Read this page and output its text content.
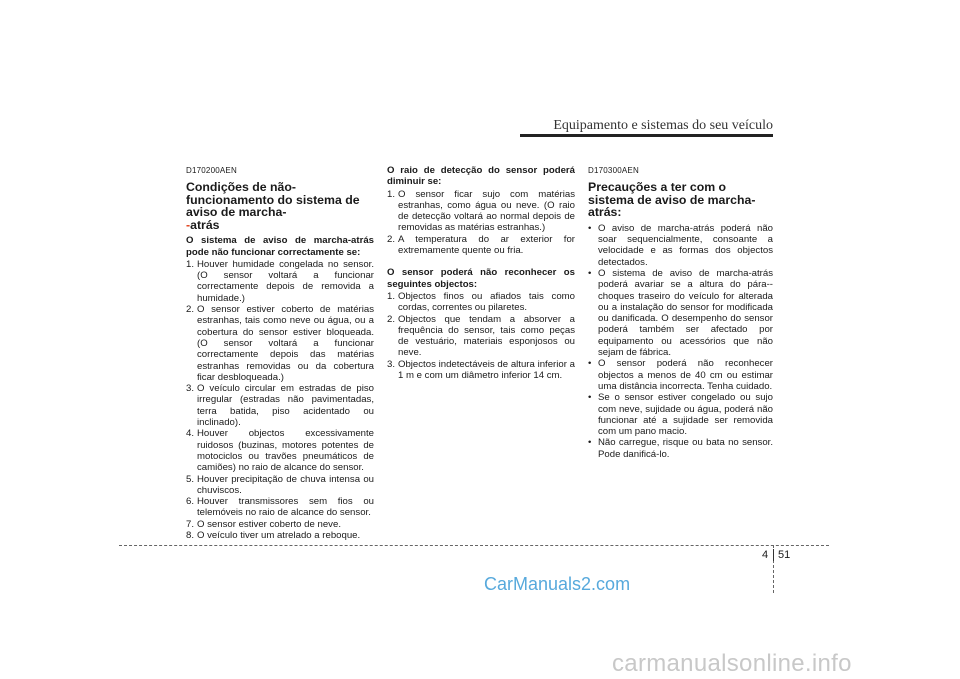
Equipamento e sistemas do seu veículo
D170200AEN
Condições de não-funcionamento do sistema de aviso de marcha-
-atrás
O sistema de aviso de marcha-atrás pode não funcionar correctamente se:
1. Houver humidade congelada no sensor. (O sensor voltará a funcionar correctamente depois de removida a humidade.)
2. O sensor estiver coberto de matérias estranhas, tais como neve ou água, ou a cobertura do sensor estiver bloqueada. (O sensor voltará a funcionar correctamente depois das matérias estranhas removidas ou da cobertura ficar desbloqueada.)
3. O veículo circular em estradas de piso irregular (estradas não pavimentadas, terra batida, piso acidentado ou inclinado).
4. Houver objectos excessivamente ruidosos (buzinas, motores potentes de motociclos ou travões pneumáticos de camiões) no raio de alcance do sensor.
5. Houver precipitação de chuva intensa ou chuviscos.
6. Houver transmissores sem fios ou telemóveis no raio de alcance do sensor.
7. O sensor estiver coberto de neve.
8. O veículo tiver um atrelado a reboque.
O raio de detecção do sensor poderá diminuir se:
1. O sensor ficar sujo com matérias estranhas, como água ou neve. (O raio de detecção voltará ao normal depois de removidas as matérias estranhas.)
2. A temperatura do ar exterior for extremamente quente ou fria.
O sensor poderá não reconhecer os seguintes objectos:
1. Objectos finos ou afiados tais como cordas, correntes ou pilaretes.
2. Objectos que tendam a absorver a frequência do sensor, tais como peças de vestuário, materiais esponjosos ou neve.
3. Objectos indetectáveis de altura inferior a 1 m e com um diâmetro inferior 14 cm.
D170300AEN
Precauções a ter com o sistema de aviso de marcha-atrás:
• O aviso de marcha-atrás poderá não soar sequencialmente, consoante a velocidade e as formas dos objectos detectados.
• O sistema de aviso de marcha-atrás poderá avariar se a altura do pára--choques traseiro do veículo for alterada ou a instalação do sensor for modificada ou danificada. O desempenho do sensor poderá também ser afectado por equipamento ou acessórios que não sejam de fábrica.
• O sensor poderá não reconhecer objectos a menos de 40 cm ou estimar uma distância incorrecta. Tenha cuidado.
• Se o sensor estiver congelado ou sujo com neve, sujidade ou água, poderá não funcionar até a sujidade ser removida com um pano macio.
• Não carregue, risque ou bata no sensor. Pode danificá-lo.
4 51
CarManuals2.com
carmanualsonline.info
